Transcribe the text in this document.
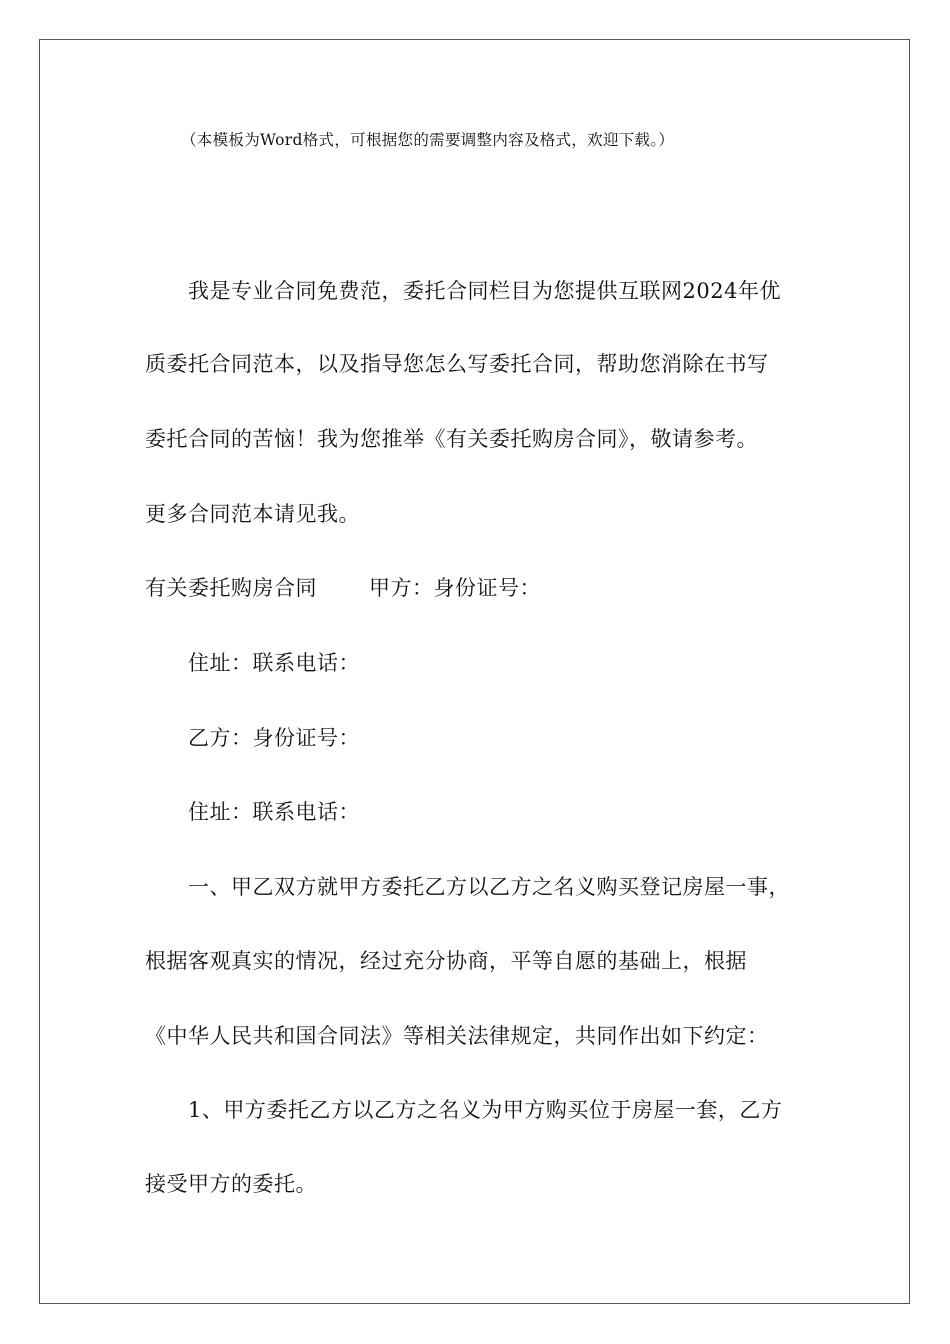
（本模板为Word格式，可根据您的需要调整内容及格式，欢迎下载。）
我是专业合同免费范，委托合同栏目为您提供互联网2024年优
质委托合同范本，以及指导您怎么写委托合同，帮助您消除在书写
委托合同的苦恼！我为您推举《有关委托购房合同》，敬请参考。
更多合同范本请见我。
有关委托购房合同 甲方：身份证号：
住址：联系电话：
乙方：身份证号：
住址：联系电话：
一、甲乙双方就甲方委托乙方以乙方之名义购买登记房屋一事，
根据客观真实的情况，经过充分协商，平等自愿的基础上，根据
《中华人民共和国合同法》等相关法律规定，共同作出如下约定：
1、甲方委托乙方以乙方之名义为甲方购买位于房屋一套，乙方
接受甲方的委托。
